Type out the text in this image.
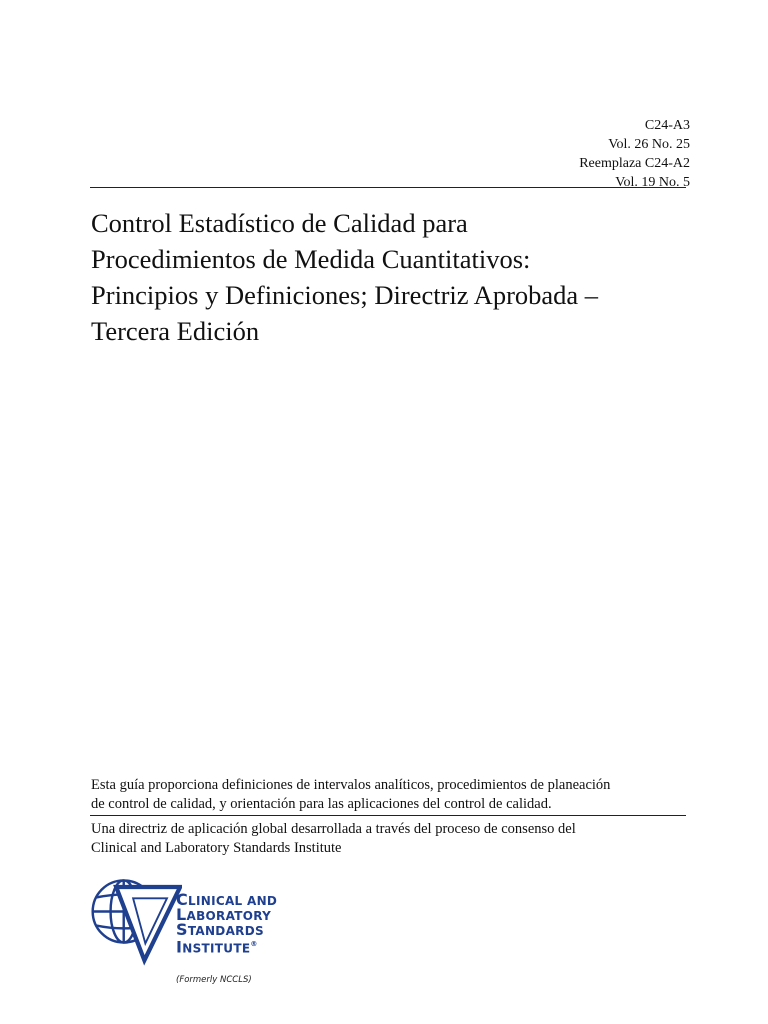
C24-A3
Vol. 26 No. 25
Reemplaza C24-A2
Vol. 19 No. 5
Control Estadístico de Calidad para
Procedimientos de Medida Cuantitativos:
Principios y Definiciones; Directriz Aprobada –
Tercera Edición
Esta guía proporciona definiciones de intervalos analíticos, procedimientos de planeación
de control de calidad, y orientación para las aplicaciones del control de calidad.
Una directriz de aplicación global desarrollada a través del proceso de consenso del
Clinical and Laboratory Standards Institute
CLINICAL AND
LABORATORY
STANDARDS
INSTITUTE®
(Formerly NCCLS)
